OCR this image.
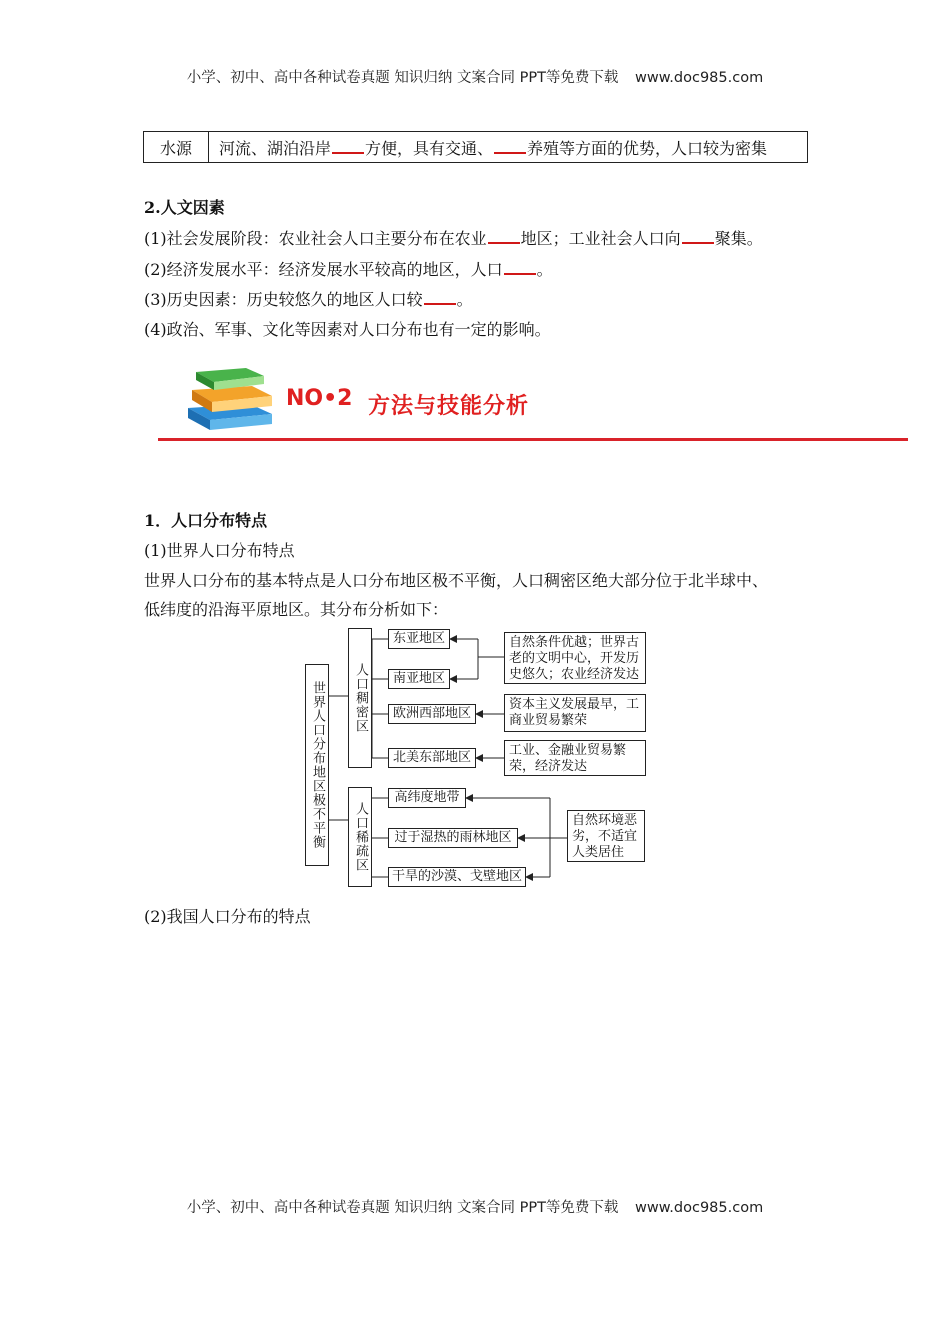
小学、初中、高中各种试卷真题 知识归纳 文案合同 PPT等免费下载 www.doc985.com
水源	河流、湖泊沿岸 方便，具有交通、 养殖等方面的优势，人口较为密集
2.人文因素
(1)社会发展阶段：农业社会人口主要分布在农业 地区；工业社会人口向 聚集。
(2)经济发展水平：经济发展水平较高的地区，人口 。
(3)历史因素：历史较悠久的地区人口较 。
(4)政治、军事、文化等因素对人口分布也有一定的影响。
NO•2 方法与技能分析
1．人口分布特点
(1)世界人口分布特点
世界人口分布的基本特点是人口分布地区极不平衡，人口稠密区绝大部分位于北半球中、
低纬度的沿海平原地区。其分布分析如下：
世界人口分布地区极不平衡 人口稠密区
人口稀疏区
东亚地区
南亚地区
欧洲西部地区
北美东部地区
高纬度地带
过于湿热的雨林地区
干旱的沙漠、戈壁地区
自然条件优越；世界古老的文明中心，开发历史悠久；农业经济发达
资本主义发展最早，工商业贸易繁荣
工业、金融业贸易繁荣，经济发达
自然环境恶劣，不适宜人类居住
(2)我国人口分布的特点
小学、初中、高中各种试卷真题 知识归纳 文案合同 PPT等免费下载 www.doc985.com
